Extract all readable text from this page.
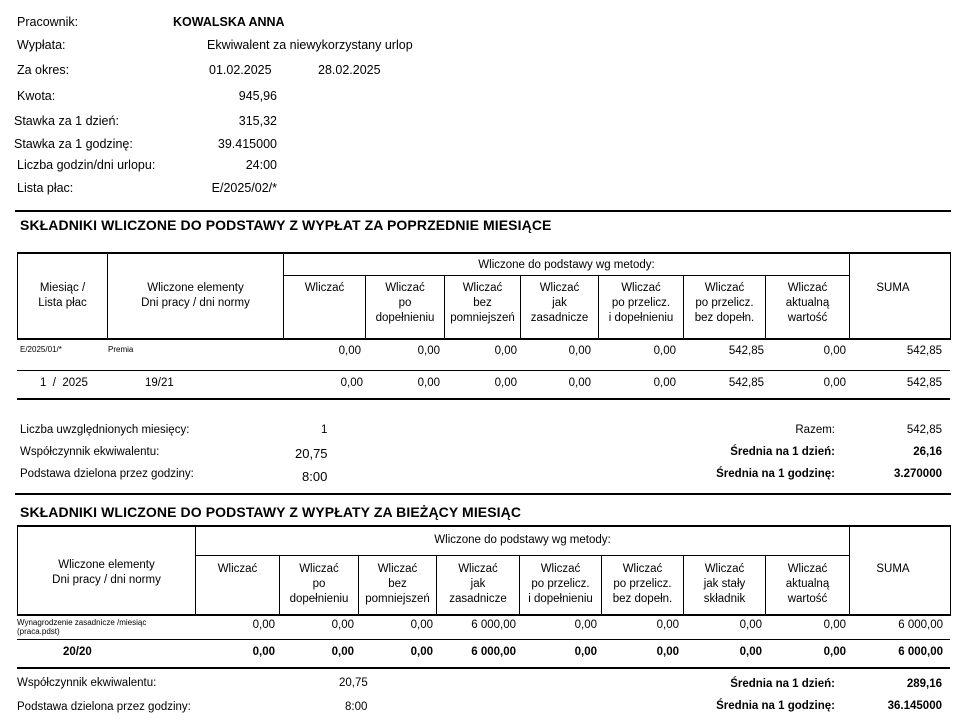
Pracownik:	KOWALSKA ANNA
Wypłata:	Ekwiwalent za niewykorzystany urlop
Za okres:	01.02.2025	28.02.2025
Kwota:	945,96
Stawka za 1 dzień:	315,32
Stawka za 1 godzinę:	39.415000
Liczba godzin/dni urlopu:	24:00
Lista płac:	E/2025/02/*
SKŁADNIKI WLICZONE DO PODSTAWY Z WYPŁAT ZA POPRZEDNIE MIESIĄCE
Miesiąc /
Lista płac
Wliczone elementy
Dni pracy / dni normy
Wliczone do podstawy wg metody:
Wliczać	Wliczać
po
dopełnieniu
Wliczać
bez
pomniejszeń
Wliczać
jak
zasadnicze
Wliczać
po przelicz.
i dopełnieniu
Wliczać
po przelicz.
bez dopełn.
Wliczać
aktualną
wartość
SUMA
E/2025/01/*	Premia	0,00	0,00	0,00	0,00	0,00	542,85	0,00	542,85
1  /  2025	19/21	0,00	0,00	0,00	0,00	0,00	542,85	0,00	542,85
Liczba uwzględnionych miesięcy:	1
Współczynnik ekwiwalentu:	20,75
Podstawa dzielona przez godziny:	8:00
Razem:	542,85
Średnia na 1 dzień:	26,16
Średnia na 1 godzinę:	3.270000
SKŁADNIKI WLICZONE DO PODSTAWY Z WYPŁATY ZA BIEŻĄCY MIESIĄC
Wliczone elementy
Dni pracy / dni normy
Wliczone do podstawy wg metody:
Wliczać	Wliczać
po
dopełnieniu
Wliczać
bez
pomniejszeń
Wliczać
jak
zasadnicze
Wliczać
po przelicz.
i dopełnieniu
Wliczać
po przelicz.
bez dopełn.
Wliczać
jak stały
składnik
Wliczać
aktualną
wartość
SUMA
Wynagrodzenie zasadnicze /miesiąc
(praca.pdst)
0,00	0,00	0,00	6 000,00	0,00	0,00	0,00	0,00	6 000,00
20/20	0,00	0,00	0,00	6 000,00	0,00	0,00	0,00	0,00	6 000,00
Współczynnik ekwiwalentu:	20,75
Podstawa dzielona przez godziny:	8:00
Średnia na 1 dzień:	289,16
Średnia na 1 godzinę:	36.145000
